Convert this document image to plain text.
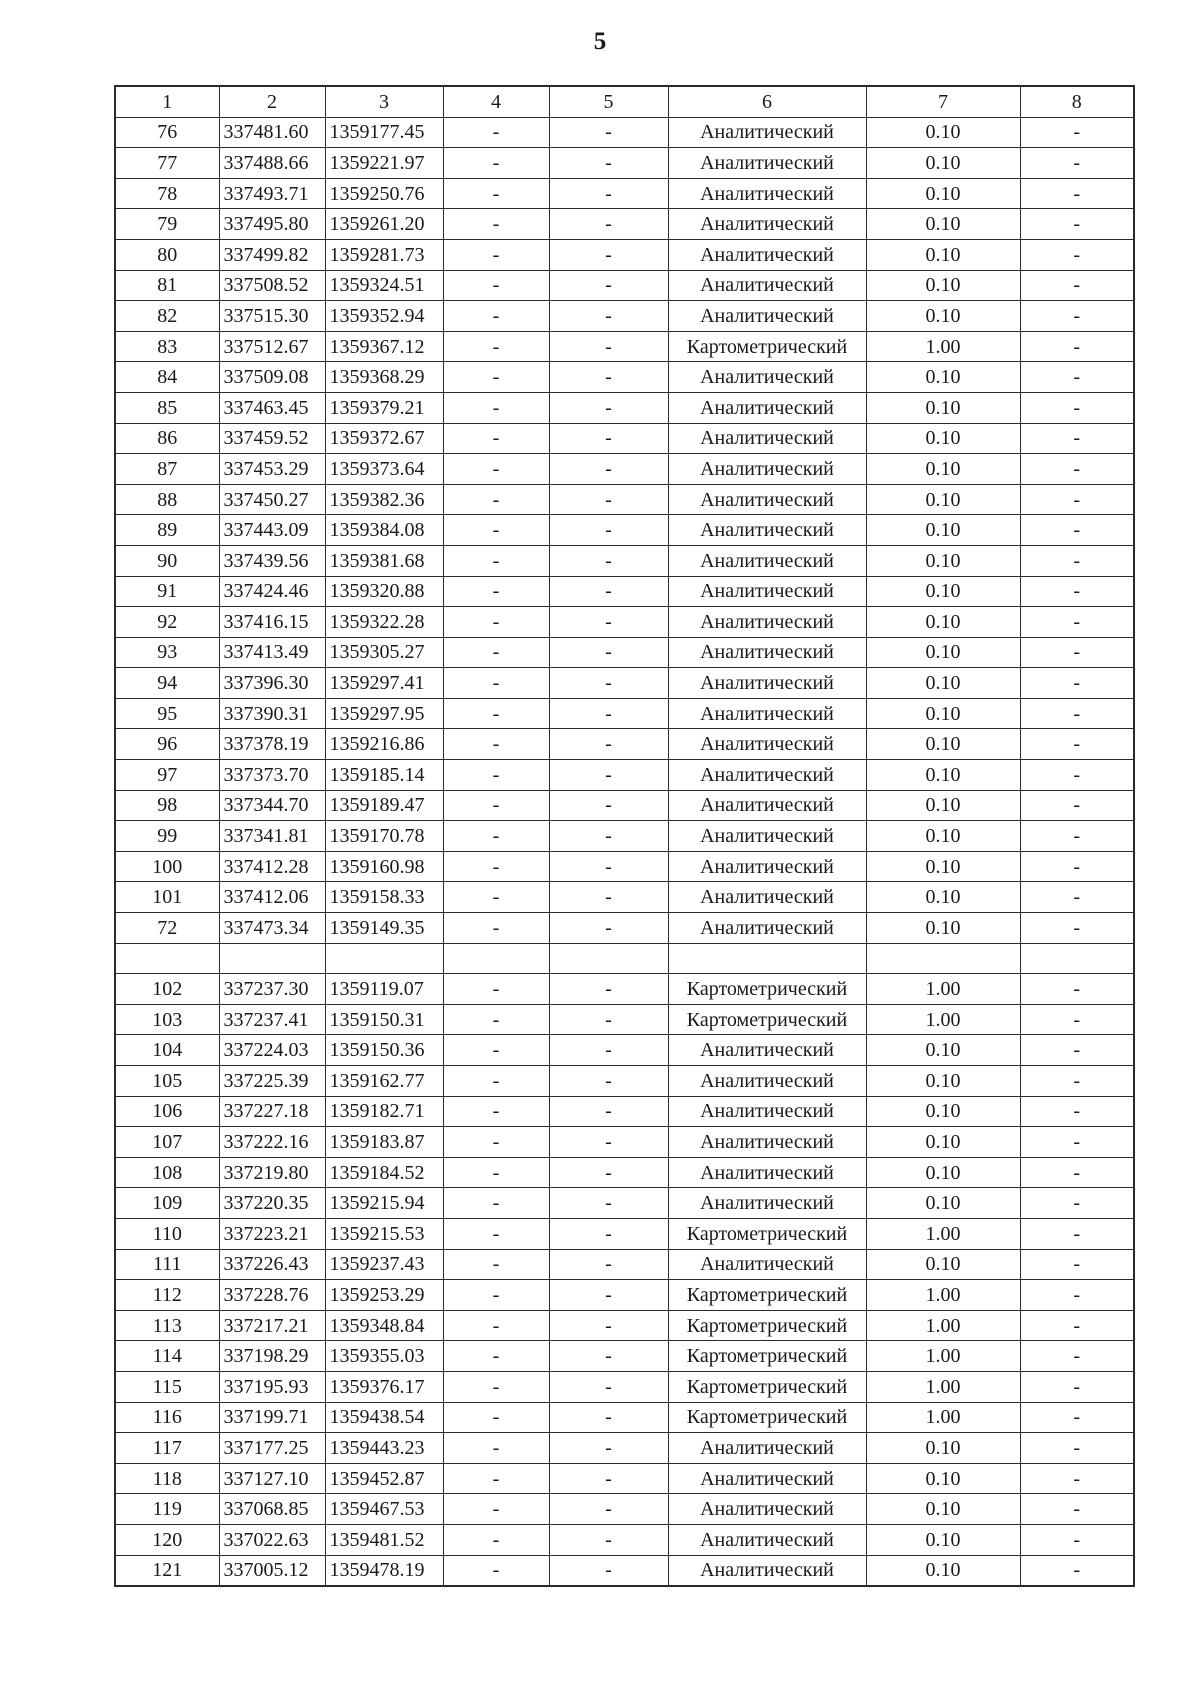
5
1	2	3	4	5	6	7	8
76	337481.60	1359177.45	-	-	Аналитический	0.10	-
77	337488.66	1359221.97	-	-	Аналитический	0.10	-
78	337493.71	1359250.76	-	-	Аналитический	0.10	-
79	337495.80	1359261.20	-	-	Аналитический	0.10	-
80	337499.82	1359281.73	-	-	Аналитический	0.10	-
81	337508.52	1359324.51	-	-	Аналитический	0.10	-
82	337515.30	1359352.94	-	-	Аналитический	0.10	-
83	337512.67	1359367.12	-	-	Картометрический	1.00	-
84	337509.08	1359368.29	-	-	Аналитический	0.10	-
85	337463.45	1359379.21	-	-	Аналитический	0.10	-
86	337459.52	1359372.67	-	-	Аналитический	0.10	-
87	337453.29	1359373.64	-	-	Аналитический	0.10	-
88	337450.27	1359382.36	-	-	Аналитический	0.10	-
89	337443.09	1359384.08	-	-	Аналитический	0.10	-
90	337439.56	1359381.68	-	-	Аналитический	0.10	-
91	337424.46	1359320.88	-	-	Аналитический	0.10	-
92	337416.15	1359322.28	-	-	Аналитический	0.10	-
93	337413.49	1359305.27	-	-	Аналитический	0.10	-
94	337396.30	1359297.41	-	-	Аналитический	0.10	-
95	337390.31	1359297.95	-	-	Аналитический	0.10	-
96	337378.19	1359216.86	-	-	Аналитический	0.10	-
97	337373.70	1359185.14	-	-	Аналитический	0.10	-
98	337344.70	1359189.47	-	-	Аналитический	0.10	-
99	337341.81	1359170.78	-	-	Аналитический	0.10	-
100	337412.28	1359160.98	-	-	Аналитический	0.10	-
101	337412.06	1359158.33	-	-	Аналитический	0.10	-
72	337473.34	1359149.35	-	-	Аналитический	0.10	-

102	337237.30	1359119.07	-	-	Картометрический	1.00	-
103	337237.41	1359150.31	-	-	Картометрический	1.00	-
104	337224.03	1359150.36	-	-	Аналитический	0.10	-
105	337225.39	1359162.77	-	-	Аналитический	0.10	-
106	337227.18	1359182.71	-	-	Аналитический	0.10	-
107	337222.16	1359183.87	-	-	Аналитический	0.10	-
108	337219.80	1359184.52	-	-	Аналитический	0.10	-
109	337220.35	1359215.94	-	-	Аналитический	0.10	-
110	337223.21	1359215.53	-	-	Картометрический	1.00	-
111	337226.43	1359237.43	-	-	Аналитический	0.10	-
112	337228.76	1359253.29	-	-	Картометрический	1.00	-
113	337217.21	1359348.84	-	-	Картометрический	1.00	-
114	337198.29	1359355.03	-	-	Картометрический	1.00	-
115	337195.93	1359376.17	-	-	Картометрический	1.00	-
116	337199.71	1359438.54	-	-	Картометрический	1.00	-
117	337177.25	1359443.23	-	-	Аналитический	0.10	-
118	337127.10	1359452.87	-	-	Аналитический	0.10	-
119	337068.85	1359467.53	-	-	Аналитический	0.10	-
120	337022.63	1359481.52	-	-	Аналитический	0.10	-
121	337005.12	1359478.19	-	-	Аналитический	0.10	-
